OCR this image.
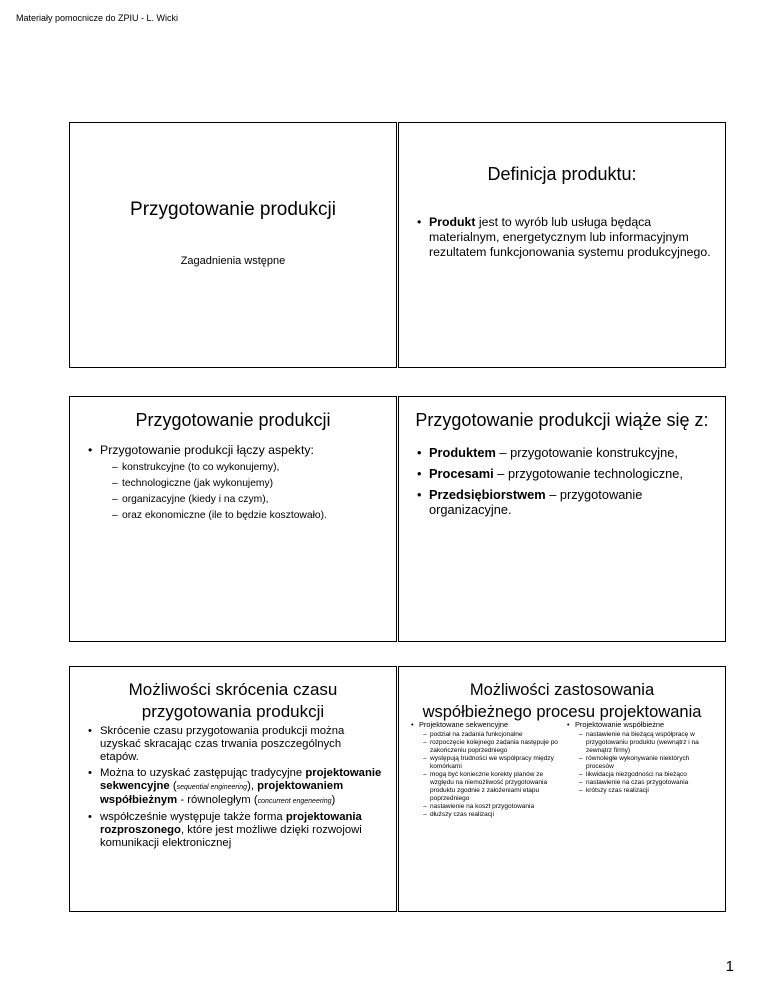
Materiały pomocnicze do ZPIU - L. Wicki
Przygotowanie produkcji
Zagadnienia wstępne
Definicja produktu:
• Produkt jest to wyrób lub usługa będąca materialnym, energetycznym lub informacyjnym rezultatem funkcjonowania systemu produkcyjnego.
Przygotowanie produkcji
• Przygotowanie produkcji łączy aspekty:
– konstrukcyjne (to co wykonujemy),
– technologiczne (jak wykonujemy)
– organizacyjne (kiedy i na czym),
– oraz ekonomiczne (ile to będzie kosztowało).
Przygotowanie produkcji wiąże się z:
• Produktem – przygotowanie konstrukcyjne,
• Procesami – przygotowanie technologiczne,
• Przedsiębiorstwem – przygotowanie organizacyjne.
Możliwości skrócenia czasu
przygotowania produkcji
• Skrócenie czasu przygotowania produkcji można uzyskać skracając czas trwania poszczególnych etapów.
• Można to uzyskać zastępując tradycyjne projektowanie sekwencyjne (sequential engineering), projektowaniem współbieżnym - równoległym (concurrent engeneering)
• współcześnie występuje także forma projektowania rozproszonego, które jest możliwe dzięki rozwojowi komunikacji elektronicznej
Możliwości zastosowania
współbieżnego procesu projektowania
• Projektowane sekwencyjne
– podział na zadania funkcjonalne
– rozpoczęcie kolejnego zadania następuje po zakończeniu poprzedniego
– występują trudności we współpracy między komórkami
– mogą być konieczne korekty planów ze względu na niemożliwość przygotowania produktu zgodnie z założeniami etapu poprzedniego
– nastawienie na koszt przygotowania
– dłuższy czas realizacji
• Projektowanie współbieżne
– nastawienie na bieżącą współpracę w przygotowaniu produktu (wewnątrz i na zewnątrz firmy)
– równoległe wykonywanie niektórych procesów
– likwidacja niezgodności na bieżąco
– nastawienie na czas przygotowania
– krótszy czas realizacji
1
